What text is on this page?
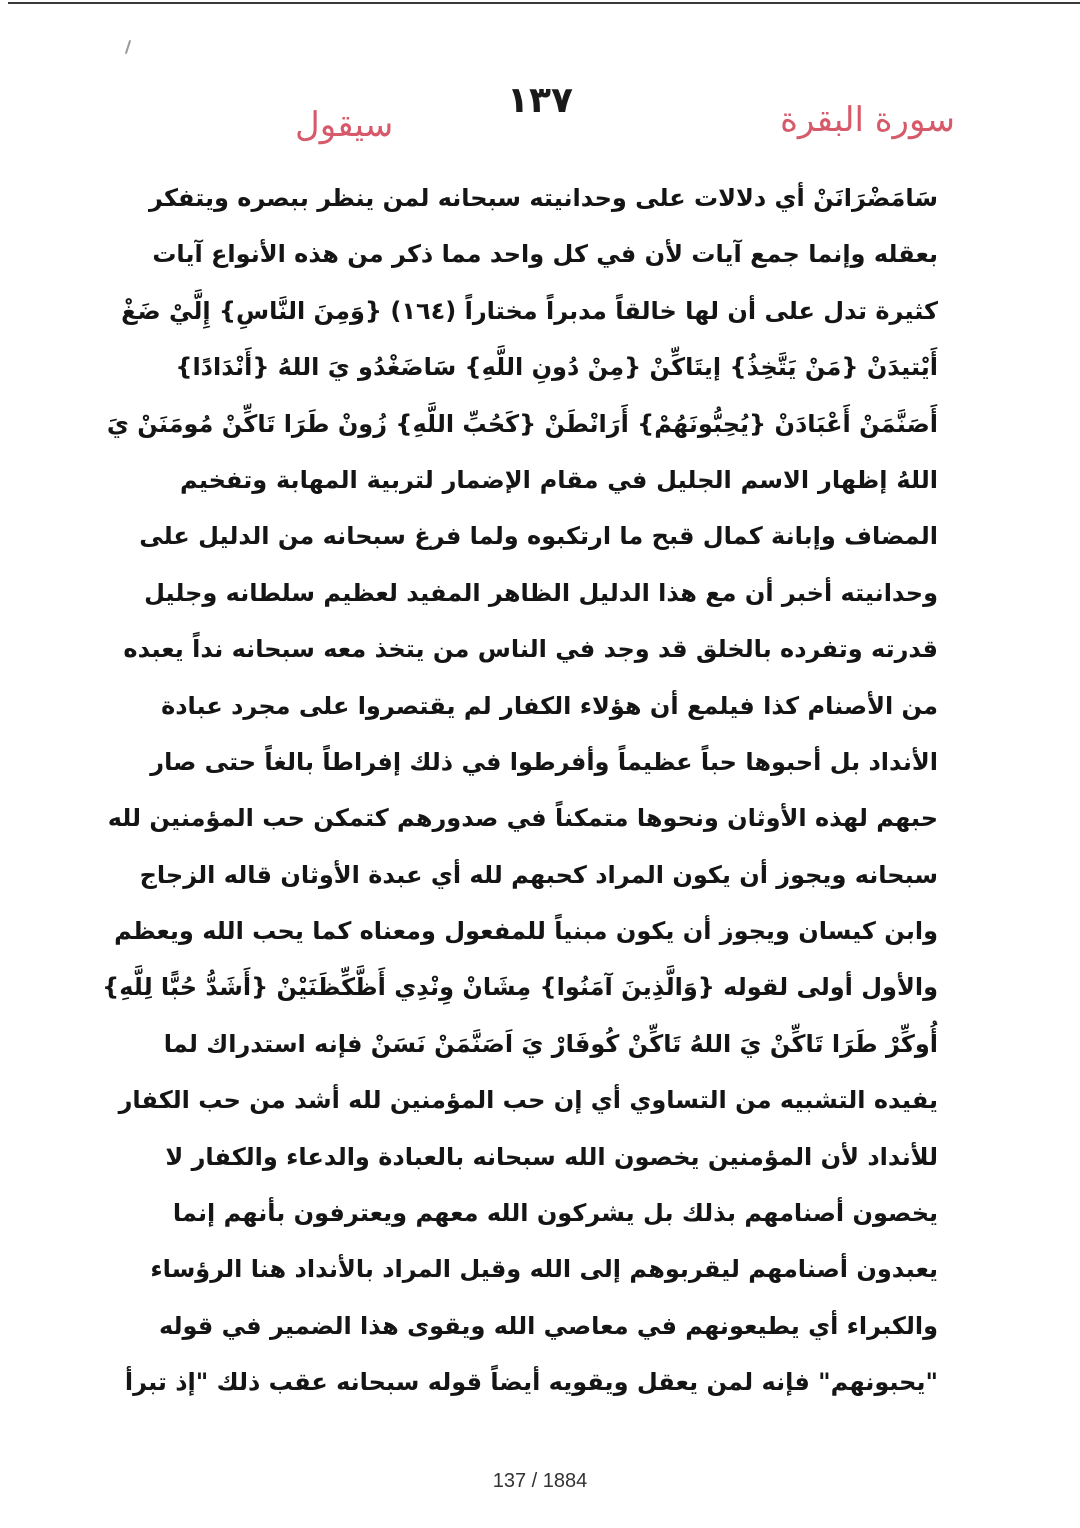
١٣٧	سورة البقرة
سيقول
سَامَضْرَانَنْ أي دلالات على وحدانيته سبحانه لمن ينظر ببصره ويتفكر
بعقله وإنما جمع آيات لأن في كل واحد مما ذكر من هذه الأنواع آيات
كثيرة تدل على أن لها خالقاً مدبراً مختاراً (١٦٤) {وَمِنَ النَّاسِ} إِلَّيْ ضَغْ
أَيْتيدَنْ {مَنْ يَتَّخِذُ} إيتَاكِّنْ {مِنْ دُونِ اللَّهِ} سَاضَغْدُو يَ اللهُ {أَنْدَادًا}
أَصَنَّمَنْ أَعْبَادَنْ {يُحِبُّونَهُمْ} أَرَانْطَنْ {كَحُبِّ اللَّهِ} زُونْ طَرَا تَاكِّنْ مُومَنَنْ يَ
اللهُ إظهار الاسم الجليل في مقام الإضمار لتربية المهابة وتفخيم
المضاف وإبانة كمال قبح ما ارتكبوه ولما فرغ سبحانه من الدليل على
وحدانيته أخبر أن مع هذا الدليل الظاهر المفيد لعظيم سلطانه وجليل
قدرته وتفرده بالخلق قد وجد في الناس من يتخذ معه سبحانه نداً يعبده
من الأصنام كذا فيلمع أن هؤلاء الكفار لم يقتصروا على مجرد عبادة
الأنداد بل أحبوها حباً عظيماً وأفرطوا في ذلك إفراطاً بالغاً حتى صار
حبهم لهذه الأوثان ونحوها متمكناً في صدورهم كتمكن حب المؤمنين لله
سبحانه ويجوز أن يكون المراد كحبهم لله أي عبدة الأوثان قاله الزجاج
وابن كيسان ويجوز أن يكون مبنياً للمفعول ومعناه كما يحب الله ويعظم
والأول أولى لقوله {وَالَّذِينَ آمَنُوا} مِشَانْ وِنْدِي أَظَّكِّظَنَيْنْ {أَشَدُّ حُبًّا لِلَّهِ}
أُوكِّرْ طَرَا تَاكِّنْ يَ اللهُ تَاكِّنْ كُوفَارْ يَ اَصَنَّمَنْ نَسَنْ فإنه استدراك لما
يفيده التشبيه من التساوي أي إن حب المؤمنين لله أشد من حب الكفار
للأنداد لأن المؤمنين يخصون الله سبحانه بالعبادة والدعاء والكفار لا
يخصون أصنامهم بذلك بل يشركون الله معهم ويعترفون بأنهم إنما
يعبدون أصنامهم ليقربوهم إلى الله وقيل المراد بالأنداد هنا الرؤساء
والكبراء أي يطيعونهم في معاصي الله ويقوى هذا الضمير في قوله
"يحبونهم" فإنه لمن يعقل ويقويه أيضاً قوله سبحانه عقب ذلك "إذ تبرأ
137 / 1884
